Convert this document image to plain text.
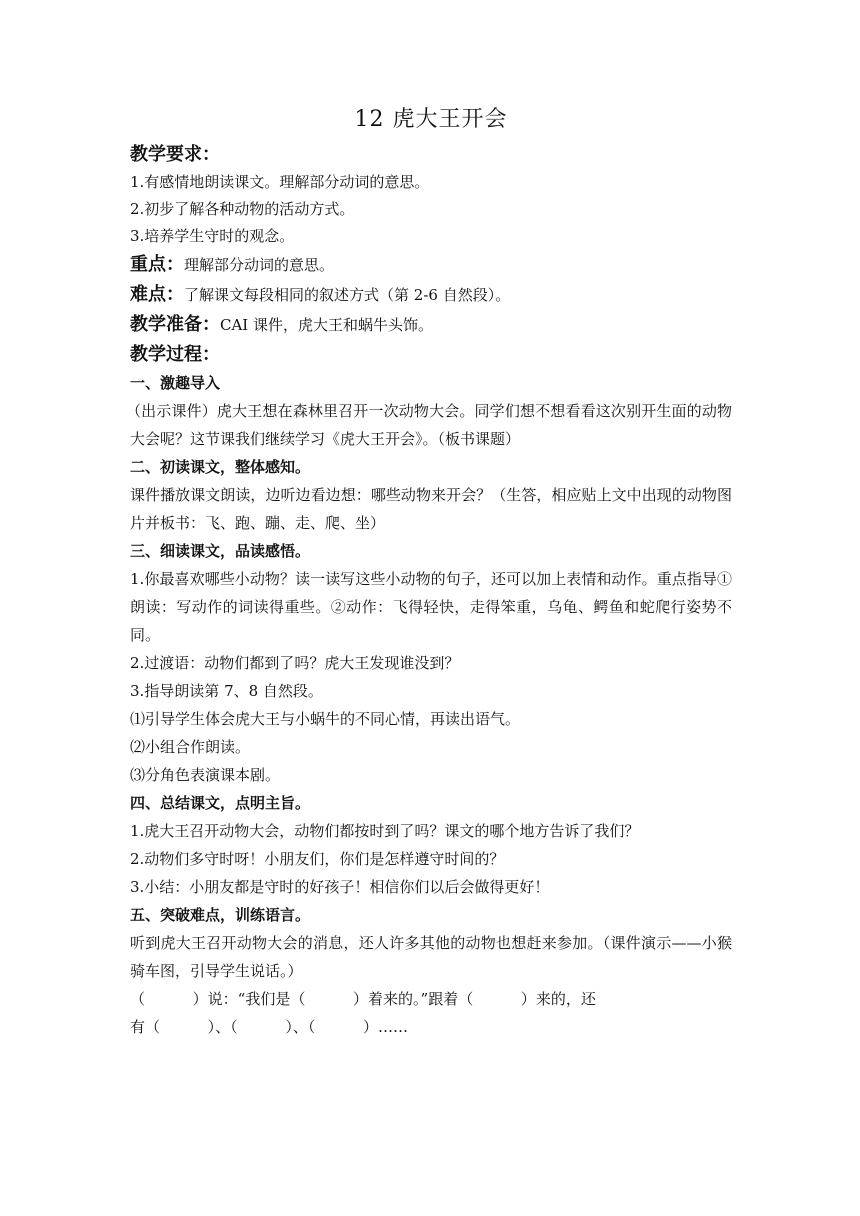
12 虎大王开会
教学要求：
1.有感情地朗读课文。理解部分动词的意思。
2.初步了解各种动物的活动方式。
3.培养学生守时的观念。
重点：理解部分动词的意思。
难点：了解课文每段相同的叙述方式（第 2-6 自然段）。
教学准备：CAI 课件，虎大王和蜗牛头饰。
教学过程：
一、激趣导入
（出示课件）虎大王想在森林里召开一次动物大会。同学们想不想看看这次别开生面的动物大会呢？这节课我们继续学习《虎大王开会》。（板书课题）
二、初读课文，整体感知。
课件播放课文朗读，边听边看边想：哪些动物来开会？（生答，相应贴上文中出现的动物图片并板书：飞、跑、蹦、走、爬、坐）
三、细读课文，品读感悟。
1.你最喜欢哪些小动物？读一读写这些小动物的句子，还可以加上表情和动作。重点指导①朗读：写动作的词读得重些。②动作：飞得轻快，走得笨重，乌龟、鳄鱼和蛇爬行姿势不同。
2.过渡语：动物们都到了吗？虎大王发现谁没到？
3.指导朗读第 7、8 自然段。
⑴引导学生体会虎大王与小蜗牛的不同心情，再读出语气。
⑵小组合作朗读。
⑶分角色表演课本剧。
四、总结课文，点明主旨。
1.虎大王召开动物大会，动物们都按时到了吗？课文的哪个地方告诉了我们？
2.动物们多守时呀！小朋友们，你们是怎样遵守时间的？
3.小结：小朋友都是守时的好孩子！相信你们以后会做得更好！
五、突破难点，训练语言。
听到虎大王召开动物大会的消息，还人许多其他的动物也想赶来参加。（课件演示——小猴骑车图，引导学生说话。）
（          ）说：“我们是（          ）着来的。”跟着（          ）来的，还
有（          ）、（          ）、（          ）……
